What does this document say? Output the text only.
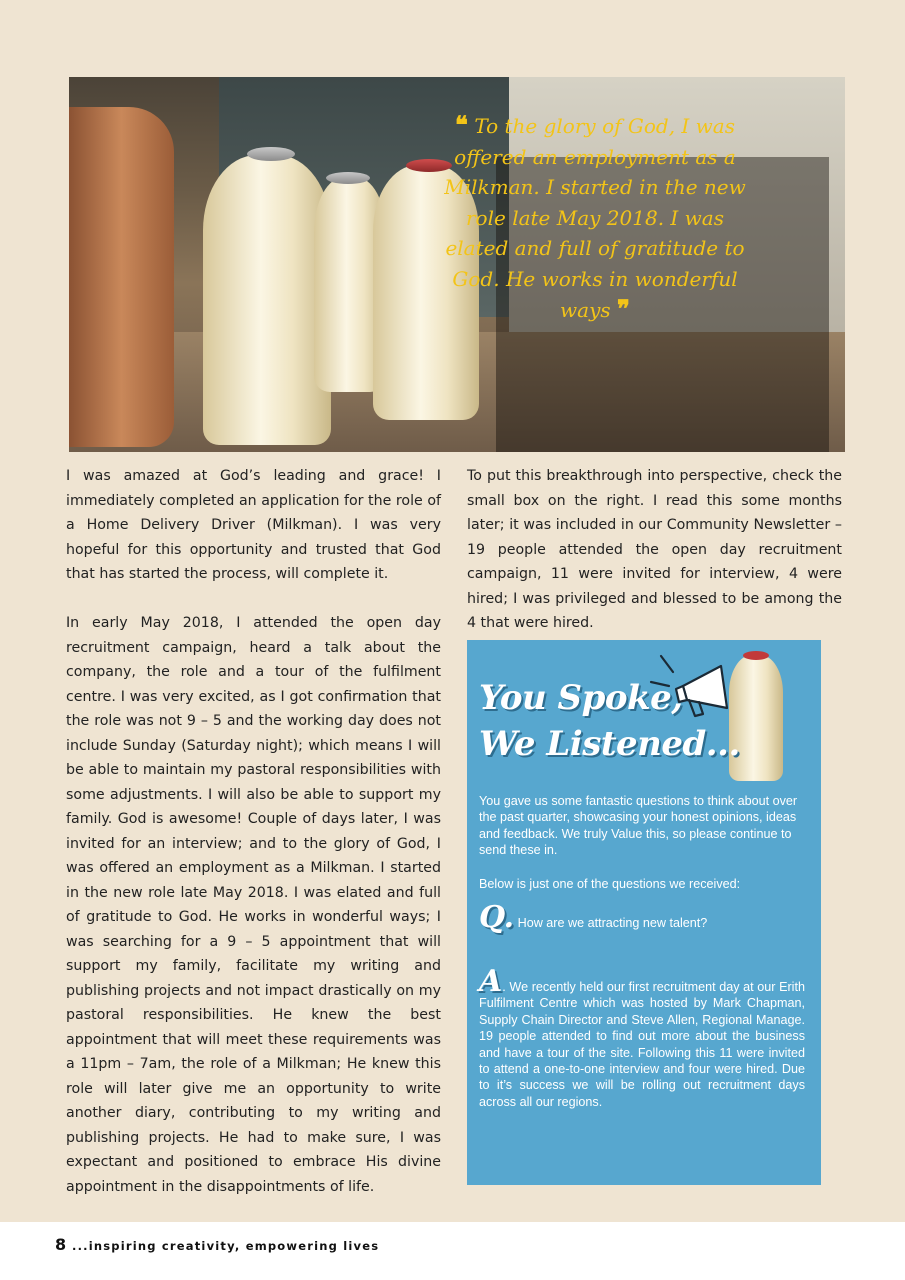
❝ To the glory of God, I was offered an employment as a Milkman. I started in the new role late May 2018. I was elated and full of gratitude to God. He works in wonderful ways ❞

I was amazed at God’s leading and grace! I immediately completed an application for the role of a Home Delivery Driver (Milkman). I was very hopeful for this opportunity and trusted that God that has started the process, will complete it.

In early May 2018, I attended the open day recruitment campaign, heard a talk about the company, the role and a tour of the fulfilment centre. I was very excited, as I got confirmation that the role was not 9 – 5 and the working day does not include Sunday (Saturday night); which means I will be able to maintain my pastoral responsibilities with some adjustments. I will also be able to support my family. God is awesome! Couple of days later, I was invited for an interview; and to the glory of God, I was offered an employment as a Milkman. I started in the new role late May 2018. I was elated and full of gratitude to God. He works in wonderful ways; I was searching for a 9 – 5 appointment that will support my family, facilitate my writing and publishing projects and not impact drastically on my pastoral responsibilities. He knew the best appointment that will meet these requirements was a 11pm – 7am, the role of a Milkman; He knew this role will later give me an opportunity to write another diary, contributing to my writing and publishing projects. He had to make sure, I was expectant and positioned to embrace His divine appointment in the disappointments of life.

To put this breakthrough into perspective, check the small box on the right. I read this some months later; it was included in our Community Newsletter – 19 people attended the open day recruitment campaign, 11 were invited for interview, 4 were hired; I was privileged and blessed to be among the 4 that were hired.

You Spoke,
We Listened...
You gave us some fantastic questions to think about over the past quarter, showcasing your honest opinions, ideas and feedback. We truly Value this, so please continue to send these in.
Below is just one of the questions we received:
Q. How are we attracting new talent?
A. We recently held our first recruitment day at our Erith Fulfilment Centre which was hosted by Mark Chapman, Supply Chain Director and Steve Allen, Regional Manage. 19 people attended to find out more about the business and have a tour of the site. Following this 11 were invited to attend a one-to-one interview and four were hired. Due to it’s success we will be rolling out recruitment days across all our regions.
8 ...inspiring creativity, empowering lives
